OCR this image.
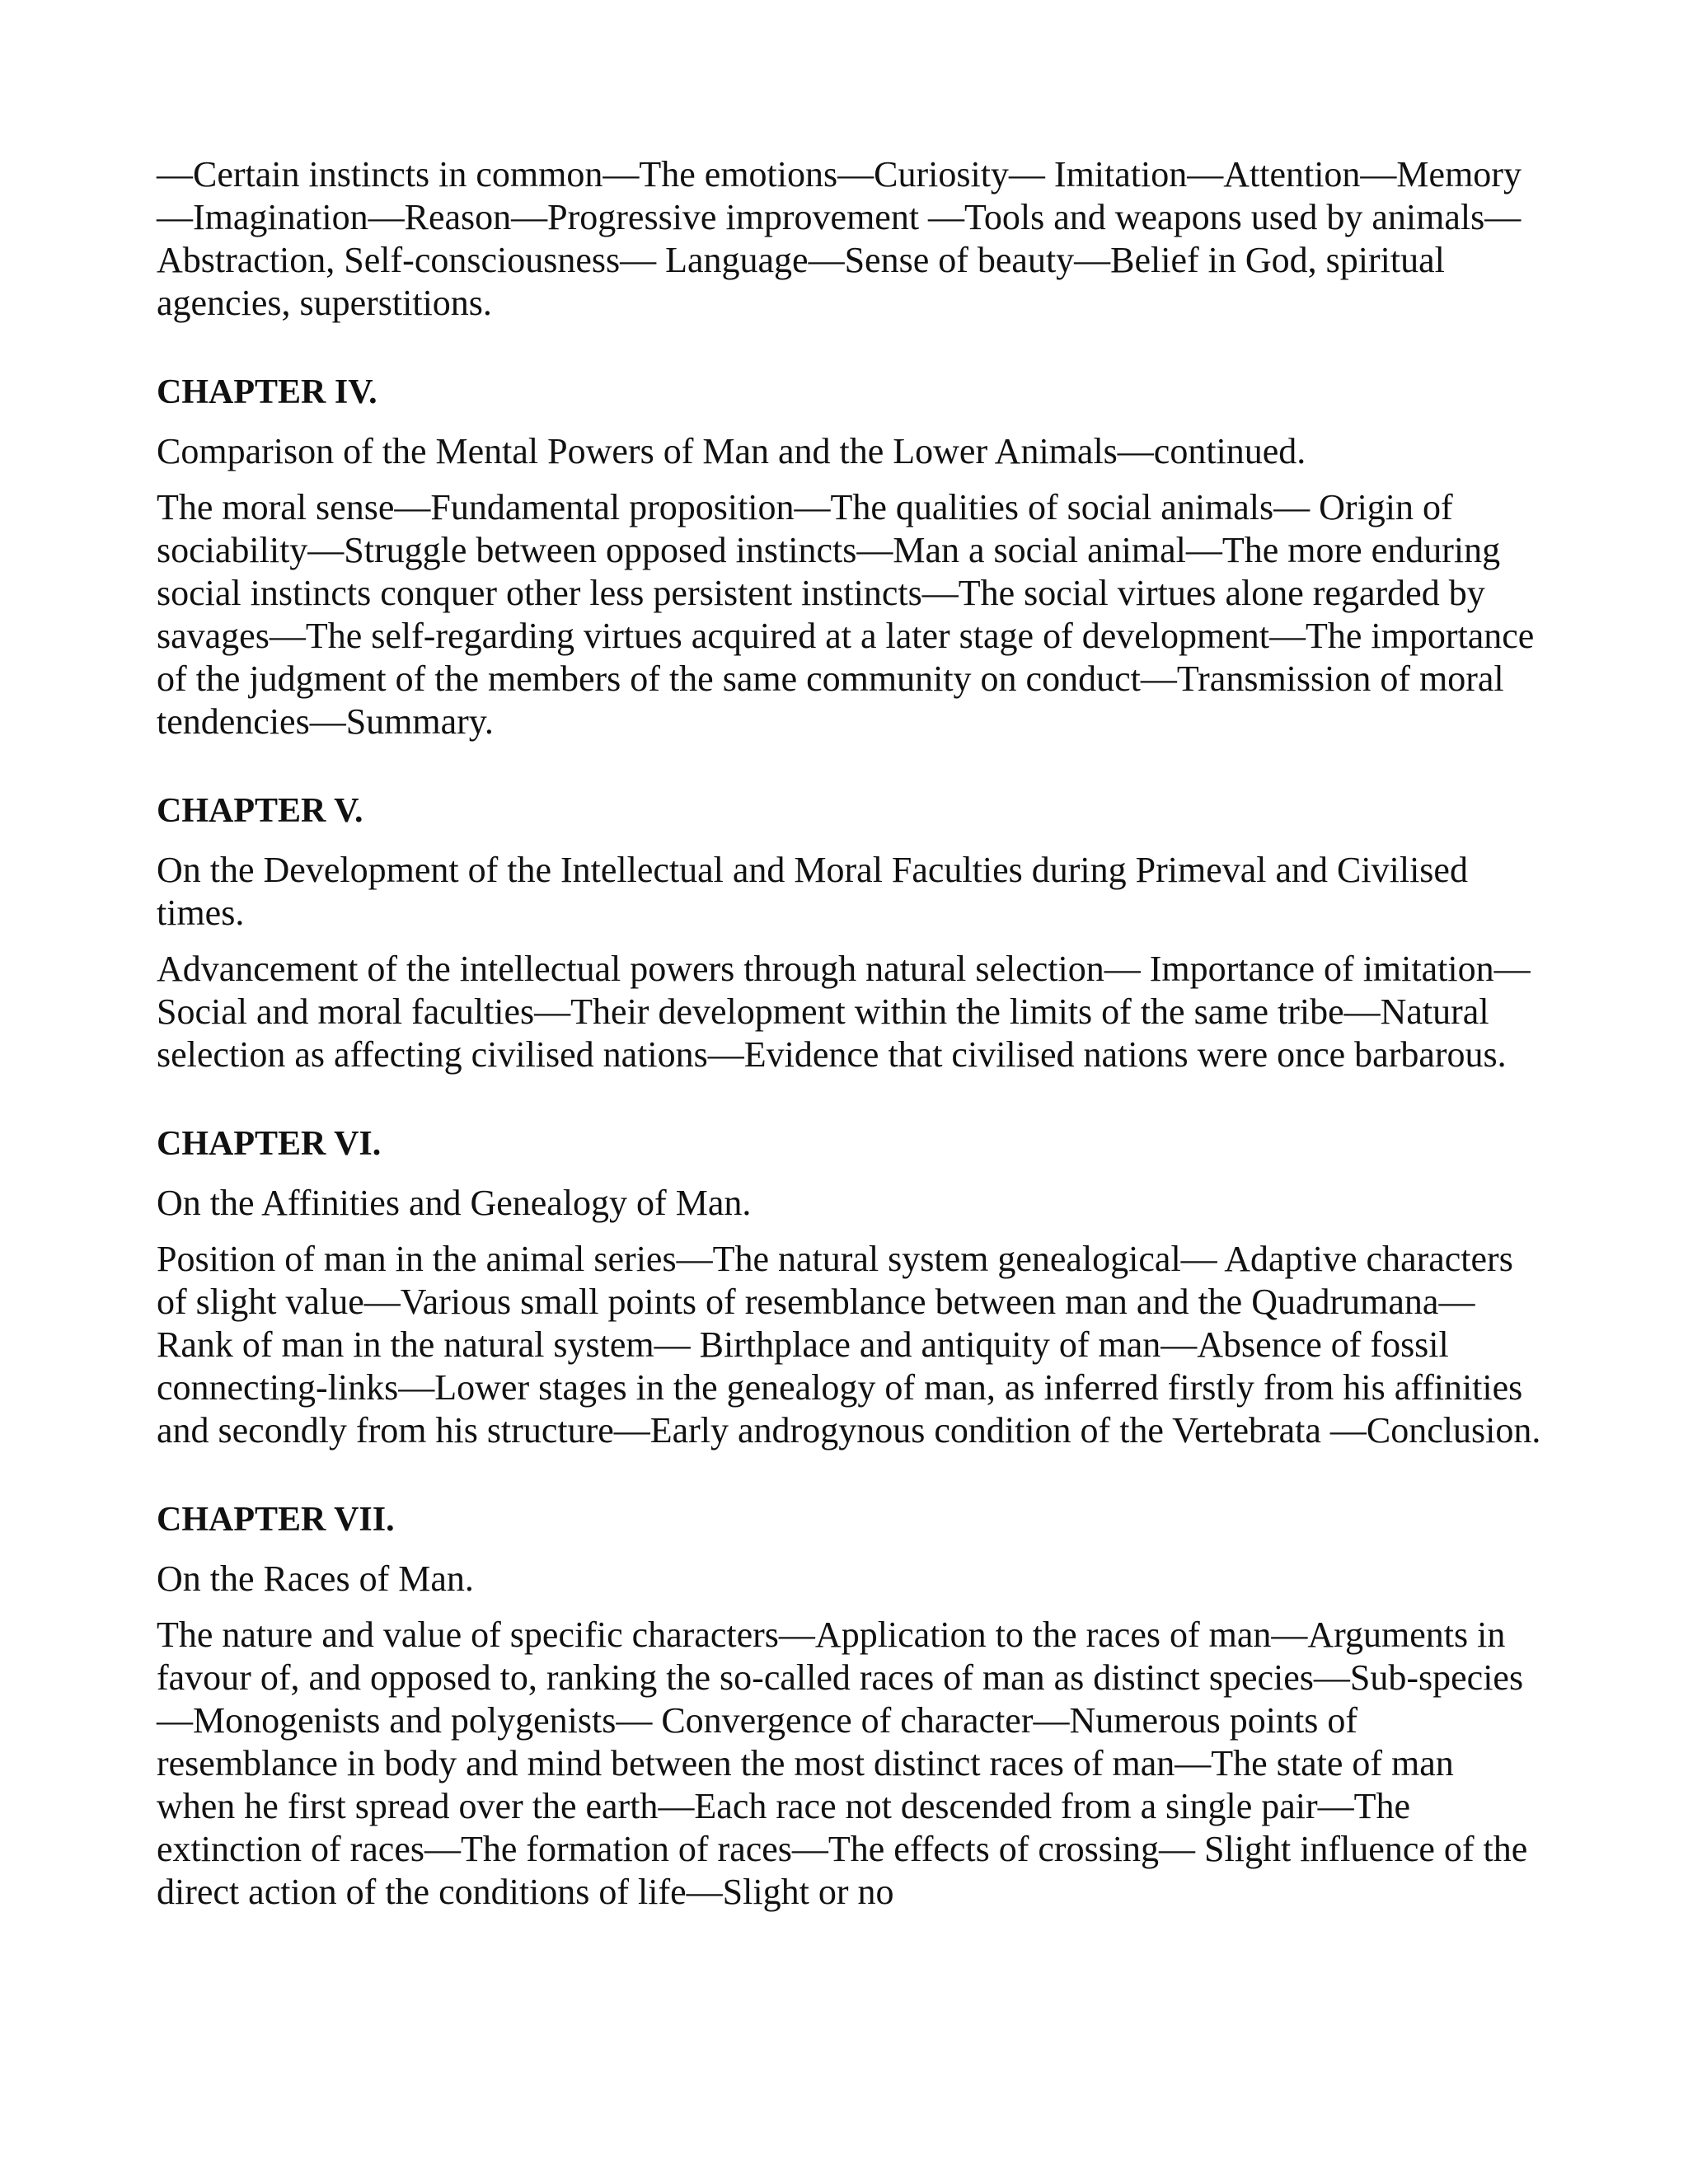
—Certain instincts in common—The emotions—Curiosity— Imitation—Attention—Memory—Imagination—Reason—Progressive improvement —Tools and weapons used by animals—Abstraction, Self-consciousness— Language—Sense of beauty—Belief in God, spiritual agencies, superstitions.

CHAPTER IV.

Comparison of the Mental Powers of Man and the Lower Animals—continued.

The moral sense—Fundamental proposition—The qualities of social animals— Origin of sociability—Struggle between opposed instincts—Man a social animal—The more enduring social instincts conquer other less persistent instincts—The social virtues alone regarded by savages—The self-regarding virtues acquired at a later stage of development—The importance of the judgment of the members of the same community on conduct—Transmission of moral tendencies—Summary.

CHAPTER V.

On the Development of the Intellectual and Moral Faculties during Primeval and Civilised times.

Advancement of the intellectual powers through natural selection— Importance of imitation—Social and moral faculties—Their development within the limits of the same tribe—Natural selection as affecting civilised nations—Evidence that civilised nations were once barbarous.

CHAPTER VI.

On the Affinities and Genealogy of Man.

Position of man in the animal series—The natural system genealogical— Adaptive characters of slight value—Various small points of resemblance between man and the Quadrumana—Rank of man in the natural system— Birthplace and antiquity of man—Absence of fossil connecting-links—Lower stages in the genealogy of man, as inferred firstly from his affinities and secondly from his structure—Early androgynous condition of the Vertebrata —Conclusion.

CHAPTER VII.

On the Races of Man.

The nature and value of specific characters—Application to the races of man—Arguments in favour of, and opposed to, ranking the so-called races of man as distinct species—Sub-species—Monogenists and polygenists— Convergence of character—Numerous points of resemblance in body and mind between the most distinct races of man—The state of man when he first spread over the earth—Each race not descended from a single pair—The extinction of races—The formation of races—The effects of crossing— Slight influence of the direct action of the conditions of life—Slight or no
